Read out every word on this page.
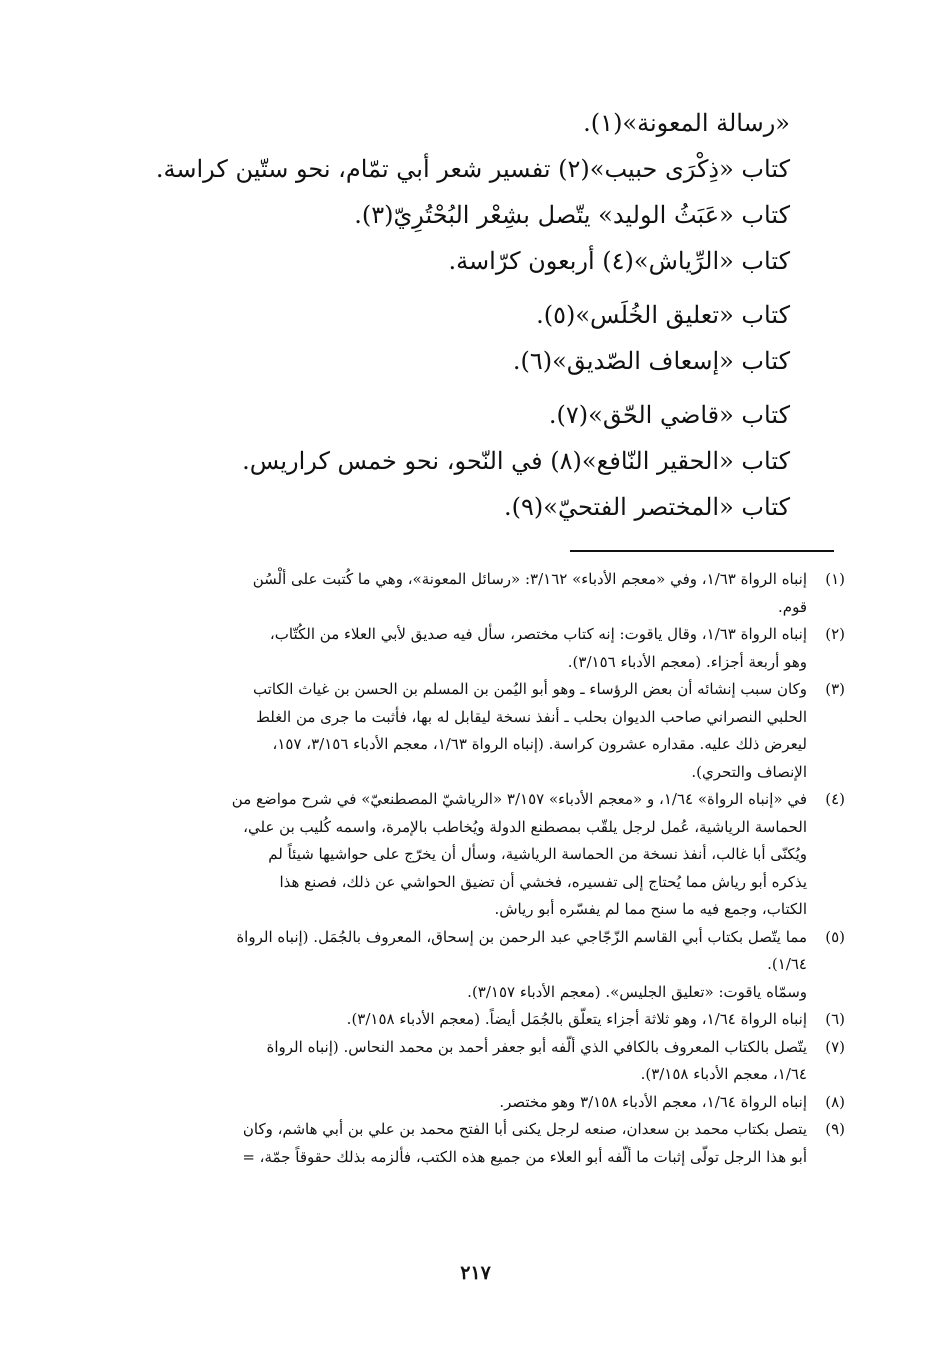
«رسالة المعونة»(١).
كتاب «ذِكْرَى حبيب»(٢) تفسير شعر أبي تمّام، نحو ستّين كراسة.
كتاب «عَبَثُ الوليد» يتّصل بشِعْر البُحْتُرِيّ(٣).
كتاب «الرِّياش»(٤) أربعون كرّاسة.
كتاب «تعليق الخُلَس»(٥).
كتاب «إسعاف الصّديق»(٦).
كتاب «قاضي الحّق»(٧).
كتاب «الحقير النّافع»(٨) في النّحو، نحو خمس كراريس.
كتاب «المختصر الفتحيّ»(٩).
(١)
إنباه الرواة ١/٦٣، وفي «معجم الأدباء» ٣/١٦٢: «رسائل المعونة»، وهي ما كُتبت على ألْسُن
قوم.
(٢)
إنباه الرواة ١/٦٣، وقال ياقوت: إنه كتاب مختصر، سأل فيه صديق لأبي العلاء من الكُتّاب،
وهو أربعة أجزاء. (معجم الأدباء ٣/١٥٦).
(٣)
وكان سبب إنشائه أن بعض الرؤساء ـ وهو أبو اليُمن بن المسلم بن الحسن بن غياث الكاتب
الحلبي النصراني صاحب الديوان بحلب ـ أنفذ نسخة ليقابل له بها، فأثبت ما جرى من الغلط
ليعرض ذلك عليه. مقداره عشرون كراسة. (إنباه الرواة ١/٦٣، معجم الأدباء ٣/١٥٦، ١٥٧،
الإنصاف والتحري).
(٤)
في «إنباه الرواة» ١/٦٤، و «معجم الأدباء» ٣/١٥٧ «الرياشيّ المصطنعيّ» في شرح مواضع من
الحماسة الرياشية، عُمل لرجل يلقّب بمصطنع الدولة ويُخاطب بالإمرة، واسمه كُليب بن علي،
ويُكنّى أبا غالب، أنفذ نسخة من الحماسة الرياشية، وسأل أن يخرّج على حواشيها شيئاً لم
يذكره أبو رياش مما يُحتاج إلى تفسيره، فخشي أن تضيق الحواشي عن ذلك، فصنع هذا
الكتاب، وجمع فيه ما سنح مما لم يفسّره أبو رياش.
(٥)
مما يتّصل بكتاب أبي القاسم الزّجّاجي عبد الرحمن بن إسحاق، المعروف بالجُمَل. (إنباه الرواة
١/٦٤).
وسمّاه ياقوت: «تعليق الجليس». (معجم الأدباء ٣/١٥٧).
(٦)
إنباه الرواة ١/٦٤، وهو ثلاثة أجزاء يتعلّق بالجُمَل أيضاً. (معجم الأدباء ٣/١٥٨).
(٧)
يتّصل بالكتاب المعروف بالكافي الذي ألّفه أبو جعفر أحمد بن محمد النحاس. (إنباه الرواة
١/٦٤، معجم الأدباء ٣/١٥٨).
(٨)
إنباه الرواة ١/٦٤، معجم الأدباء ٣/١٥٨ وهو مختصر.
(٩)
يتصل بكتاب محمد بن سعدان، صنعه لرجل يكنى أبا الفتح محمد بن علي بن أبي هاشم، وكان
أبو هذا الرجل تولّى إثبات ما ألّفه أبو العلاء من جميع هذه الكتب، فألزمه بذلك حقوقاً جمّة، =
٢١٧
